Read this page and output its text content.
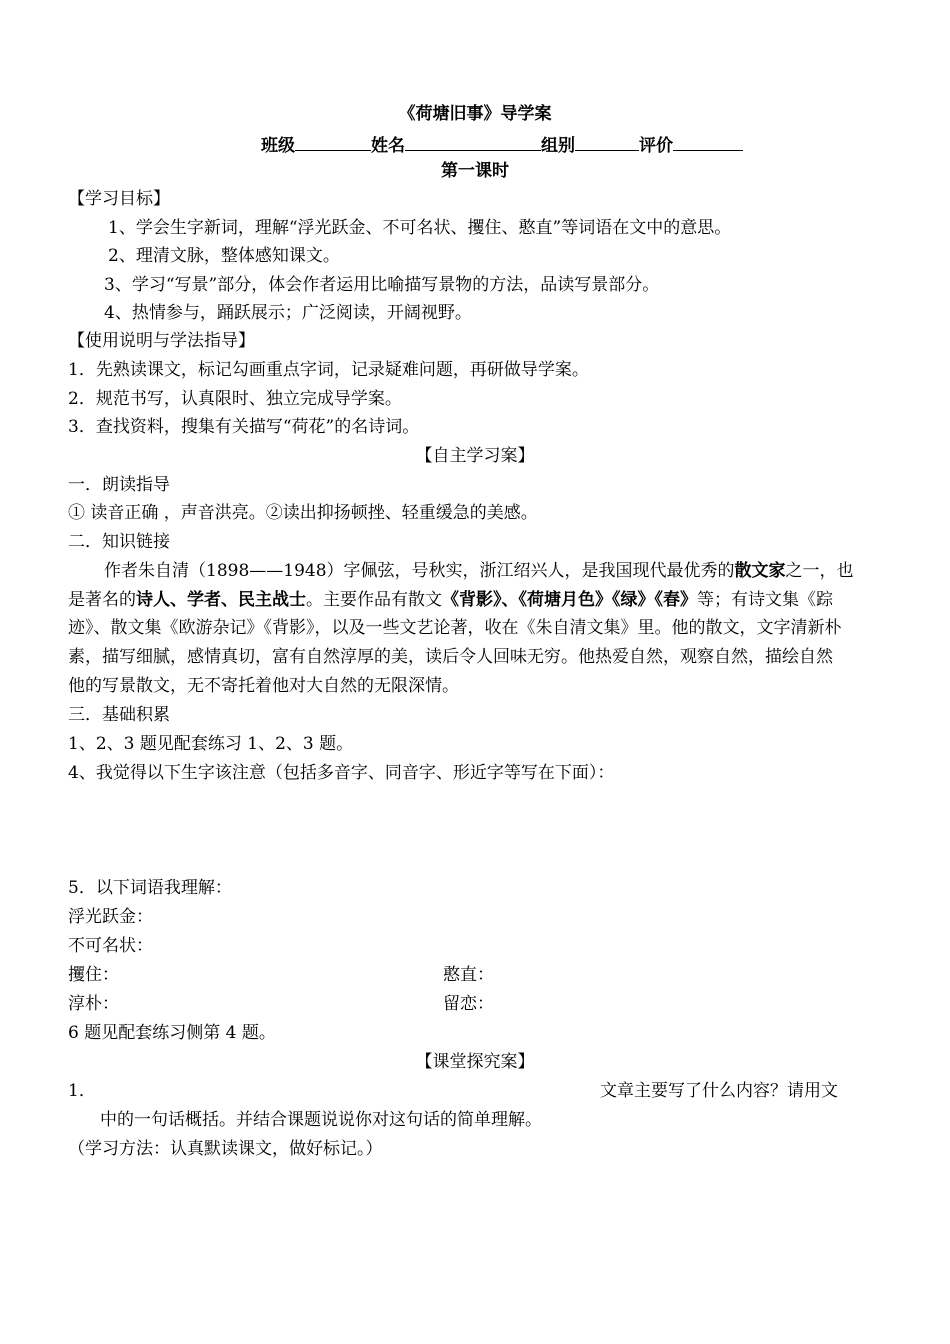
《荷塘旧事》导学案
班级	姓名	组别	评价
第一课时
【学习目标】
1、学会生字新词，理解“浮光跃金、不可名状、攫住、憨直”等词语在文中的意思。
2、理清文脉，整体感知课文。
3、学习“写景”部分，体会作者运用比喻描写景物的方法，品读写景部分。
4、热情参与，踊跃展示；广泛阅读，开阔视野。
【使用说明与学法指导】
1．先熟读课文，标记勾画重点字词，记录疑难问题，再研做导学案。
2．规范书写，认真限时、独立完成导学案。
3．查找资料，搜集有关描写“荷花”的名诗词。
【自主学习案】
一．朗读指导
① 读音正确 ，声音洪亮。②读出抑扬顿挫、轻重缓急的美感。
二．知识链接
作者朱自清（1898——1948）字佩弦，号秋实，浙江绍兴人，是我国现代最优秀的散文家之一，也
是著名的诗人、学者、民主战士。主要作品有散文《背影》、《荷塘月色》《绿》《春》等；有诗文集《踪
迹》、散文集《欧游杂记》《背影》，以及一些文艺论著，收在《朱自清文集》里。他的散文，文字清新朴
素，描写细腻，感情真切，富有自然淳厚的美，读后令人回味无穷。他热爱自然，观察自然，描绘自然
他的写景散文，无不寄托着他对大自然的无限深情。
三．基础积累
1、2、3 题见配套练习 1、2、3 题。
4、我觉得以下生字该注意（包括多音字、同音字、形近字等写在下面）：
5．以下词语我理解：
浮光跃金：
不可名状：
攫住：	憨直：
淳朴：	留恋：
6 题见配套练习侧第 4 题。
【课堂探究案】
1．	文章主要写了什么内容？请用文
中的一句话概括。并结合课题说说你对这句话的简单理解。
（学习方法：认真默读课文，做好标记。）
